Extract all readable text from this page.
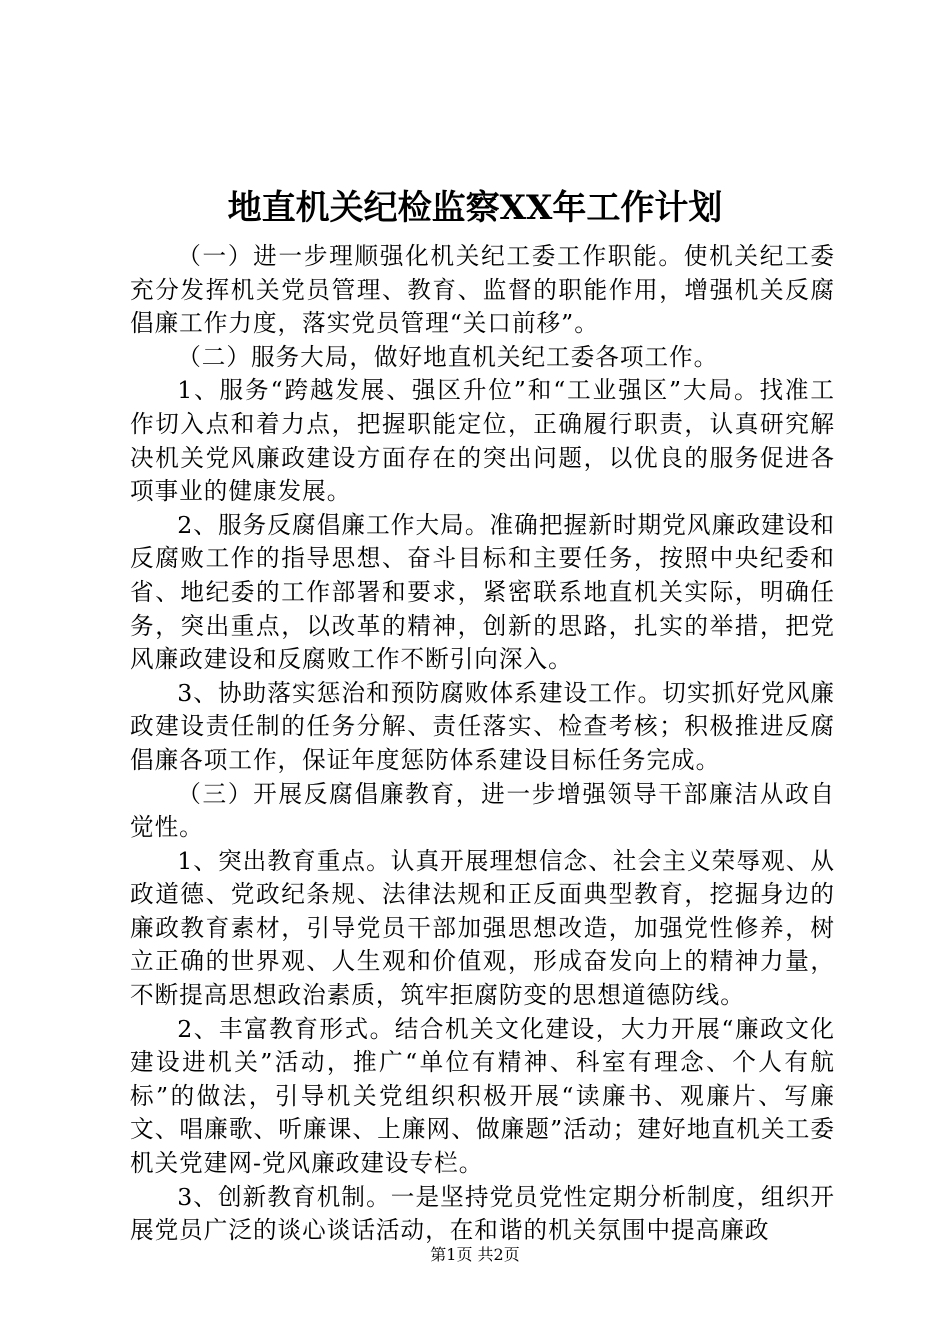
地直机关纪检监察XX年工作计划

（一）进一步理顺强化机关纪工委工作职能。使机关纪工委充分发挥机关党员管理、教育、监督的职能作用，增强机关反腐倡廉工作力度，落实党员管理“关口前移”。

（二）服务大局，做好地直机关纪工委各项工作。

1、服务“跨越发展、强区升位”和“工业强区”大局。找准工作切入点和着力点，把握职能定位，正确履行职责，认真研究解决机关党风廉政建设方面存在的突出问题，以优良的服务促进各项事业的健康发展。

2、服务反腐倡廉工作大局。准确把握新时期党风廉政建设和反腐败工作的指导思想、奋斗目标和主要任务，按照中央纪委和省、地纪委的工作部署和要求，紧密联系地直机关实际，明确任务，突出重点，以改革的精神，创新的思路，扎实的举措，把党风廉政建设和反腐败工作不断引向深入。

3、协助落实惩治和预防腐败体系建设工作。切实抓好党风廉政建设责任制的任务分解、责任落实、检查考核；积极推进反腐倡廉各项工作，保证年度惩防体系建设目标任务完成。

（三）开展反腐倡廉教育，进一步增强领导干部廉洁从政自觉性。

1、突出教育重点。认真开展理想信念、社会主义荣辱观、从政道德、党政纪条规、法律法规和正反面典型教育，挖掘身边的廉政教育素材，引导党员干部加强思想改造，加强党性修养，树立正确的世界观、人生观和价值观，形成奋发向上的精神力量，不断提高思想政治素质，筑牢拒腐防变的思想道德防线。

2、丰富教育形式。结合机关文化建设，大力开展“廉政文化建设进机关”活动，推广“单位有精神、科室有理念、个人有航标”的做法，引导机关党组织积极开展“读廉书、观廉片、写廉文、唱廉歌、听廉课、上廉网、做廉题”活动；建好地直机关工委机关党建网-党风廉政建设专栏。

3、创新教育机制。一是坚持党员党性定期分析制度，组织开展党员广泛的谈心谈话活动，在和谐的机关氛围中提高廉政

第1页 共2页
